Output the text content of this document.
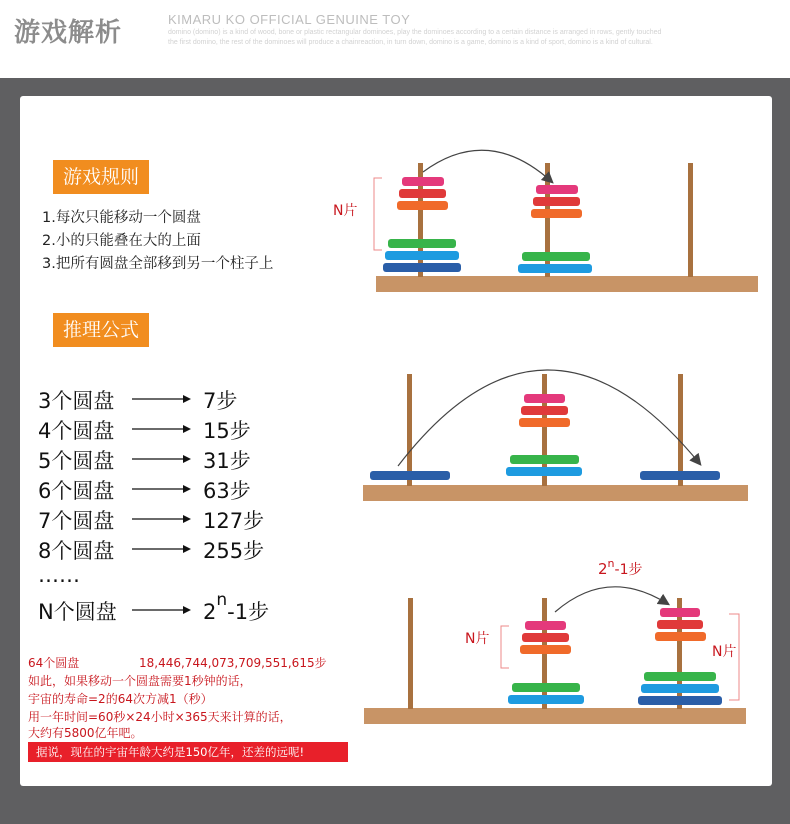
游戏解析	KIMARU KO OFFICIAL GENUINE TOY
domino (domino) is a kind of wood, bone or plastic rectangular dominoes, play the dominoes according to a certain distance is arranged in rows, gently touched
the first domino, the rest of the dominoes will produce a chainreaction, in turn down, domino is a game, domino is a kind of sport, domino is a kind of cultural.
游戏规则
1.每次只能移动一个圆盘
2.小的只能叠在大的上面
3.把所有圆盘全部移到另一个柱子上
推理公式
3个圆盘	7步
4个圆盘	15步
5个圆盘	31步
6个圆盘	63步
7个圆盘	127步
8个圆盘	255步
……
N个圆盘	2$^n$-1步
64个圆盘	18,446,744,073,709,551,615步
如此，如果移动一个圆盘需要1秒钟的话，
宇宙的寿命=2的64次方减1（秒）
用一年时间=60秒×24小时×365天来计算的话，
大约有5800亿年吧。
据说，现在的宇宙年龄大约是150亿年，还差的远呢!
N片
2$^n$-1步
N片
N片
